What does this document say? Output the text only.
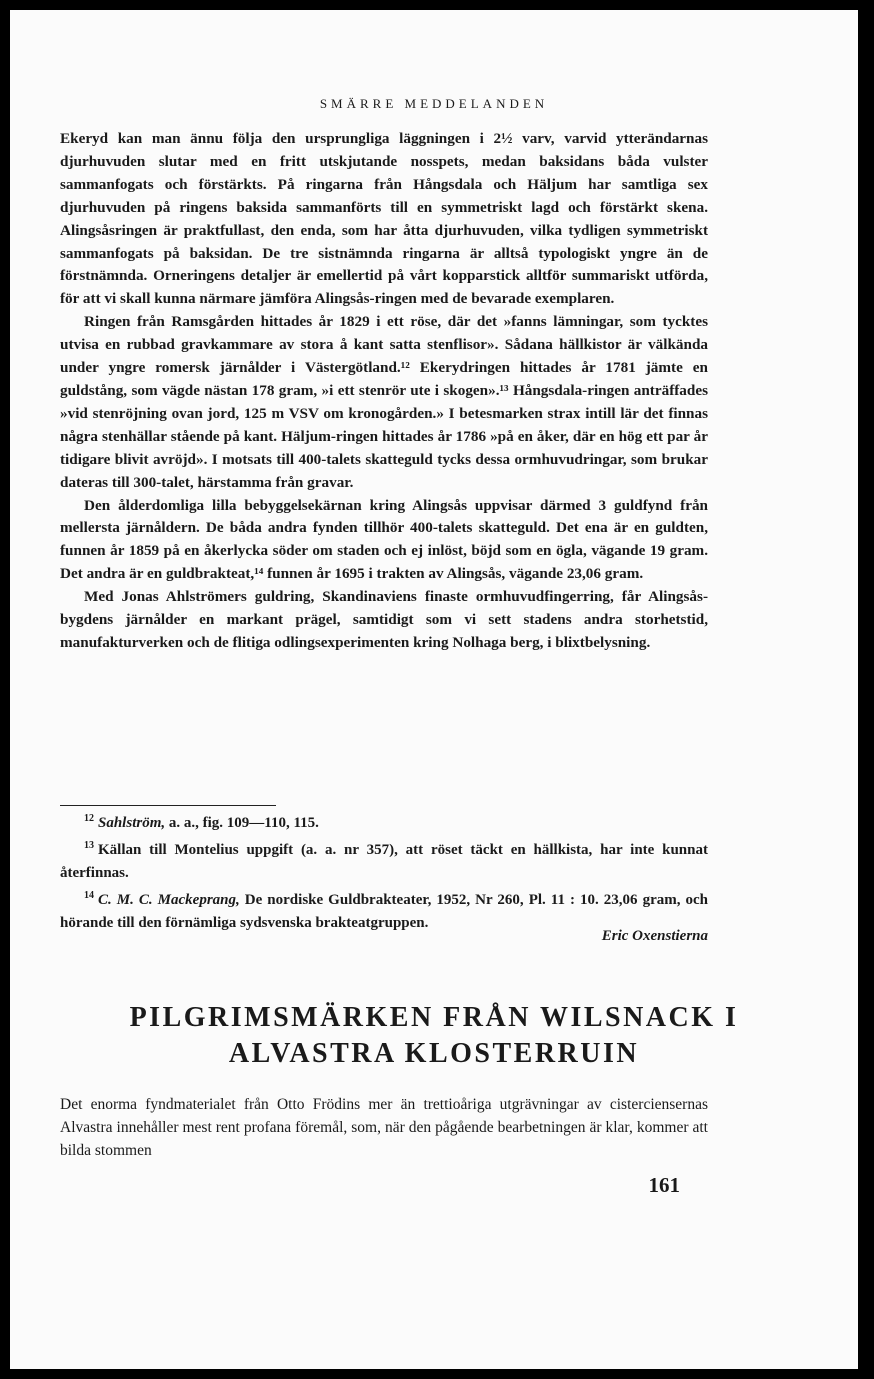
SMÄRRE MEDDELANDEN

Ekeryd kan man ännu följa den ursprungliga läggningen i 2½ varv, varvid ytterändarnas djurhuvuden slutar med en fritt utskjutande nosspets, medan baksidans båda vulster sammanfogats och förstärkts. På ringarna från Hångsdala och Häljum har samtliga sex djurhuvuden på ringens baksida sammanförts till en symmetriskt lagd och förstärkt skena. Alingsåsringen är praktfullast, den enda, som har åtta djurhuvuden, vilka tydligen symmetriskt sammanfogats på baksidan. De tre sistnämnda ringarna är alltså typologiskt yngre än de förstnämnda. Orneringens detaljer är emellertid på vårt kopparstick alltför summariskt utförda, för att vi skall kunna närmare jämföra Alingsås-ringen med de bevarade exemplaren.

Ringen från Ramsgården hittades år 1829 i ett röse, där det »fanns lämningar, som tycktes utvisa en rubbad gravkammare av stora å kant satta stenflisor». Sådana hällkistor är välkända under yngre romersk järnålder i Västergötland.¹² Ekerydringen hittades år 1781 jämte en guldstång, som vägde nästan 178 gram, »i ett stenrör ute i skogen».¹³ Hångsdala-ringen anträffades »vid stenröjning ovan jord, 125 m VSV om kronogården.» I betesmarken strax intill lär det finnas några stenhällar stående på kant. Häljum-ringen hittades år 1786 »på en åker, där en hög ett par år tidigare blivit avröjd». I motsats till 400-talets skatteguld tycks dessa ormhuvudringar, som brukar dateras till 300-talet, härstamma från gravar.

Den ålderdomliga lilla bebyggelsekärnan kring Alingsås uppvisar därmed 3 guldfynd från mellersta järnåldern. De båda andra fynden tillhör 400-talets skatteguld. Det ena är en guldten, funnen år 1859 på en åkerlycka söder om staden och ej inlöst, böjd som en ögla, vägande 19 gram. Det andra är en guldbrakteat,¹⁴ funnen år 1695 i trakten av Alingsås, vägande 23,06 gram.

Med Jonas Ahlströmers guldring, Skandinaviens finaste ormhuvudfingerring, får Alingsås-bygdens järnålder en markant prägel, samtidigt som vi sett stadens andra storhetstid, manufakturverken och de flitiga odlingsexperimenten kring Nolhaga berg, i blixtbelysning.

$^{12}$ Sahlström, a. a., fig. 109—110, 115.

$^{13}$ Källan till Montelius uppgift (a. a. nr 357), att röset täckt en hällkista, har inte kunnat återfinnas.

$^{14}$ C. M. C. Mackeprang, De nordiske Guldbrakteater, 1952, Nr 260, Pl. 11 : 10. 23,06 gram, och hörande till den förnämliga sydsvenska brakteatgruppen.

Eric Oxenstierna
PILGRIMSMÄRKEN FRÅN WILSNACK I
ALVASTRA KLOSTERRUIN

Det enorma fyndmaterialet från Otto Frödins mer än trettioåriga utgrävningar av cisterciensernas Alvastra innehåller mest rent profana föremål, som, när den pågående bearbetningen är klar, kommer att bilda stommen

161
